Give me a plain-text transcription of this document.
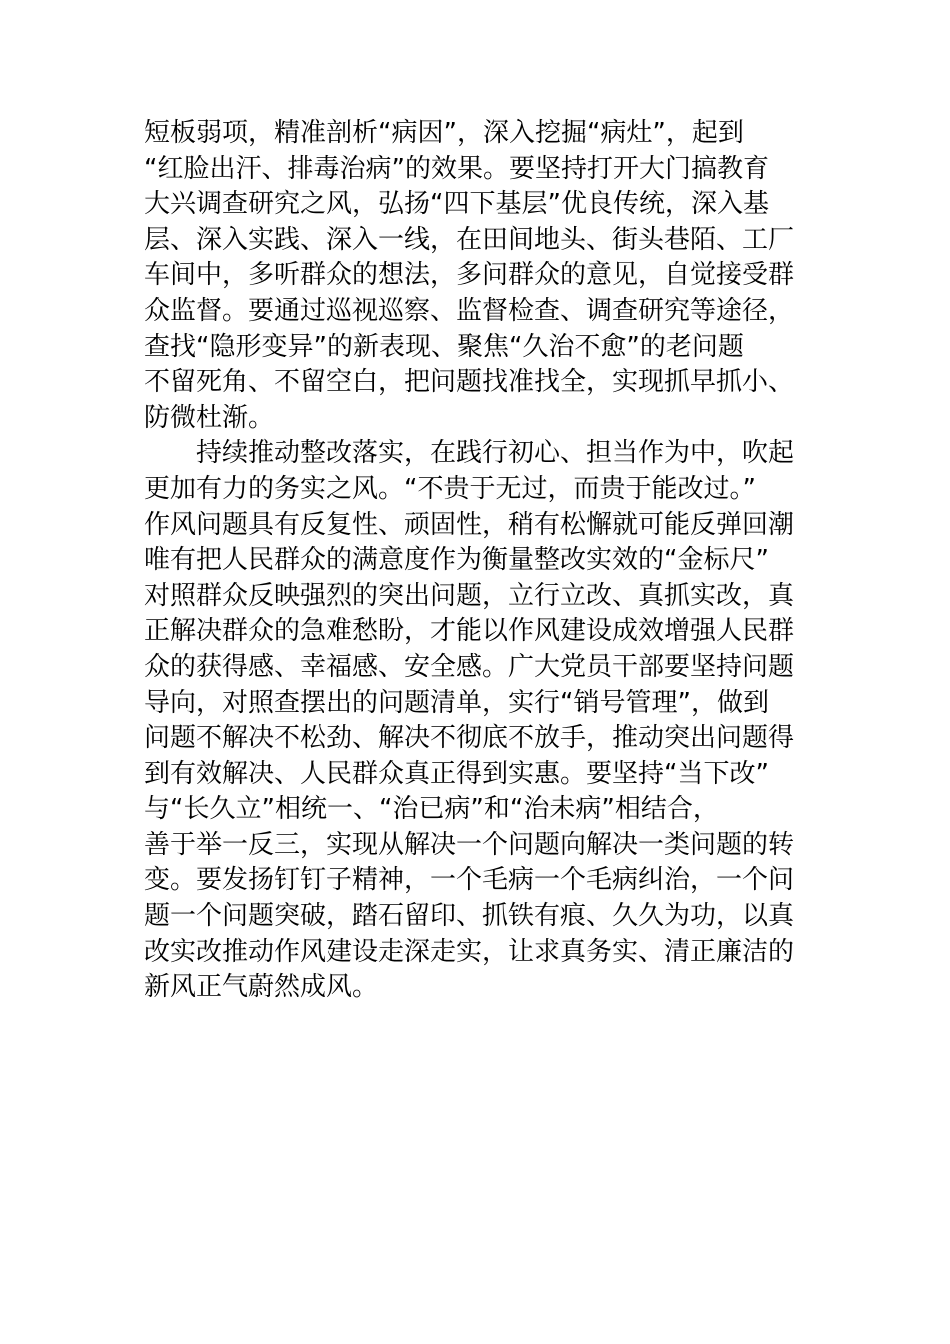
短板弱项，精准剖析“病因”，深入挖掘“病灶”，起到
“红脸出汗、排毒治病”的效果。要坚持打开大门搞教育
大兴调查研究之风，弘扬“四下基层”优良传统，深入基
层、深入实践、深入一线，在田间地头、街头巷陌、工厂
车间中，多听群众的想法，多问群众的意见，自觉接受群
众监督。要通过巡视巡察、监督检查、调查研究等途径，
查找“隐形变异”的新表现、聚焦“久治不愈”的老问题
不留死角、不留空白，把问题找准找全，实现抓早抓小、
防微杜渐。
　　持续推动整改落实，在践行初心、担当作为中，吹起
更加有力的务实之风。“不贵于无过，而贵于能改过。”
作风问题具有反复性、顽固性，稍有松懈就可能反弹回潮
唯有把人民群众的满意度作为衡量整改实效的“金标尺”
对照群众反映强烈的突出问题，立行立改、真抓实改，真
正解决群众的急难愁盼，才能以作风建设成效增强人民群
众的获得感、幸福感、安全感。广大党员干部要坚持问题
导向，对照查摆出的问题清单，实行“销号管理”，做到
问题不解决不松劲、解决不彻底不放手，推动突出问题得
到有效解决、人民群众真正得到实惠。要坚持“当下改”
与“长久立”相统一、“治已病”和“治未病”相结合，
善于举一反三，实现从解决一个问题向解决一类问题的转
变。要发扬钉钉子精神，一个毛病一个毛病纠治，一个问
题一个问题突破，踏石留印、抓铁有痕、久久为功，以真
改实改推动作风建设走深走实，让求真务实、清正廉洁的
新风正气蔚然成风。
